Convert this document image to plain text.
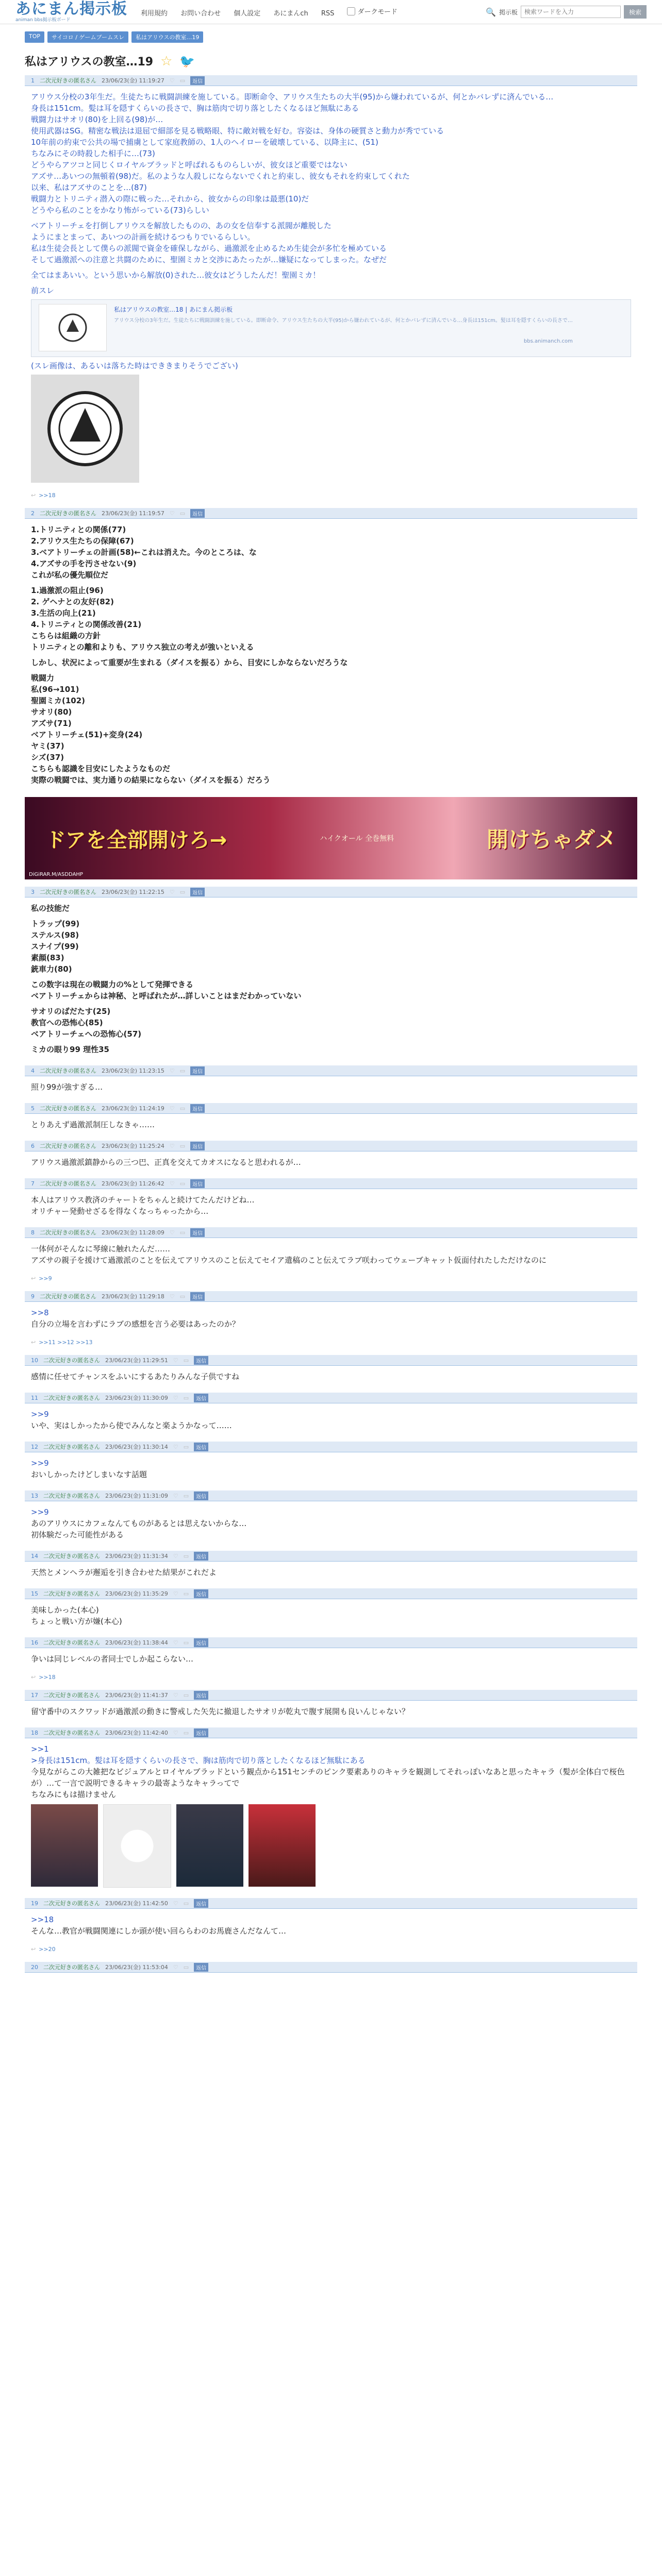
あにまん掲示板
animan bbs掲示板ボード
利用規約 お問い合わせ 個人設定 あにまんch RSS	ダークモード	🔍 掲示板
検索ワードを入力	検索
TOP	サイコロ / ゲームブームスレ	私はアリウスの教室…19
私はアリウスの教室…19 ☆ 🐦
1 二次元好きの匿名さん 23/06/23(金) 11:19:27 ♡ ▭	返信
アリウス分校の3年生だ。生徒たちに戦闘訓練を施している。即断命令、アリウス生たちの大半(95)から嫌われているが、何とかバレずに済んでいる…
身長は151cm。髪は耳を隠すくらいの長さで、胸は筋肉で切り落としたくなるほど無駄にある
戦闘力はサオリ(80)を上回る(98)が…
使用武器はSG。精密な戦法は退屈で細部を見る戦略眼、特に敵対戦を好む。容姿は、身体の硬質さと動力が秀でている
10年前の約束で公共の場で捕虜として家庭教師の、1人のヘイローを破壊している、以降主に、(51)
ちなみにその時殺した相手に…(73)
どうやらアツコと同じくロイヤルブラッドと呼ばれるものらしいが、彼女ほど重要ではない
アズサ…あいつの無頓着(98)だ。私のような人殺しにならないでくれと約束し、彼女もそれを約束してくれた
以来、私はアズサのことを…(87)
戦闘力とトリニティ潜入の際に戦った…それから、彼女からの印象は最悪(10)だ
どうやら私のことをかなり怖がっている(73)らしい
ベアトリーチェを打倒しアリウスを解放したものの、あの女を信奉する派閥が離脱した
ようにまとまって、あいつの計画を続けるつもりでいるらしい。
私は生徒会長として僕らの派閥で資金を確保しながら、過激派を止めるため生徒会が多忙を極めている
そして過激派への注意と共闘のために、聖園ミカと交渉にあたったが…嫌疑になってしまった。なぜだ
全てはまあいい。という思いから解放(0)された…彼女はどうしたんだ！聖園ミカ！
前スレ
私はアリウスの教室…18 | あにまん掲示板
アリウス分校の3年生だ。生徒たちに戦闘訓練を施している。即断命令、アリウス生たちの大半(95)から嫌われているが、何とかバレずに済んでいる…身長は151cm。髪は耳を隠すくらいの長さで…
bbs.animanch.com
(スレ画像は、あるいは落ちた時はでききまりそうでござい)
↩ >>18
2 二次元好きの匿名さん 23/06/23(金) 11:19:57 ♡ ▭	返信
1.トリニティとの関係(77)
2.アリウス生たちの保障(67)
3.ベアトリーチェの計画(58)←これは消えた。今のところは、な
4.アズサの手を汚させない(9)
これが私の優先順位だ
1.過激派の阻止(96)
2. ゲヘナとの友好(82)
3.生活の向上(21)
4.トリニティとの関係改善(21)
こちらは組織の方針
トリニティとの離和よりも、アリウス独立の考えが強いといえる
しかし、状況によって重要が生まれる（ダイスを振る）から、目安にしかならないだろうな
戦闘力
私(96→101)
聖園ミカ(102)
サオリ(80)
アズサ(71)
ベアトリーチェ(51)+変身(24)
ヤミ(37)
シズ(37)
こちらも認識を目安にしたようなものだ
実際の戦闘では、実力通りの結果にならない（ダイスを振る）だろう
ドアを全部開けろ→	ハイクオール 全巻無料	開けちゃダメ
DiGiRAR.M/ASDDAHP
3 二次元好きの匿名さん 23/06/23(金) 11:22:15 ♡ ▭	返信
私の技能だ
トラップ(99)
ステルス(98)
スナイプ(99)
素顔(83)
銃車力(80)
この数字は現在の戦闘力の%として発揮できる
ベアトリーチェからは神秘、と呼ばれたが…詳しいことはまだわかっていない
サオリのばだたす(25)
教官への恐怖心(85)
ベアトリーチェへの恐怖心(57)
ミカの眼り99 理性35
4 二次元好きの匿名さん 23/06/23(金) 11:23:15 ♡ ▭	返信
照り99が強すぎる…
5 二次元好きの匿名さん 23/06/23(金) 11:24:19 ♡ ▭	返信
とりあえず過激派制圧しなきゃ……
6 二次元好きの匿名さん 23/06/23(金) 11:25:24 ♡ ▭	返信
アリウス過激派鎮静からの三つ巴、正真を交えてカオスになると思われるが…
7 二次元好きの匿名さん 23/06/23(金) 11:26:42 ♡ ▭	返信
本人はアリウス教済のチャートをちゃんと続けてたんだけどね…
オリチャー発動せざるを得なくなっちゃったから…
8 二次元好きの匿名さん 23/06/23(金) 11:28:09 ♡ ▭	返信
一体何がそんなに琴線に触れたんだ……
アズサの親子を援けて過激派のことを伝えてアリウスのこと伝えてセイア遺稿のこと伝えてラブ咲わってウェーブキャット仮面付れたしただけなのに
↩ >>9
9 二次元好きの匿名さん 23/06/23(金) 11:29:18 ♡ ▭	返信
>>8
自分の立場を言わずにラブの感想を言う必要はあったのか？
↩ >>11 >>12 >>13
10 二次元好きの匿名さん 23/06/23(金) 11:29:51 ♡ ▭	返信
感情に任せてチャンスをふいにするあたりみんな子供ですね
11 二次元好きの匿名さん 23/06/23(金) 11:30:09 ♡ ▭	返信
>>9
いや、実はしかったから使でみんなと楽ようかなって……
12 二次元好きの匿名さん 23/06/23(金) 11:30:14 ♡ ▭	返信
>>9
おいしかったけどしまいなす話題
13 二次元好きの匿名さん 23/06/23(金) 11:31:09 ♡ ▭	返信
>>9
あのアリウスにカフェなんてものがあるとは思えないからな…
初体験だった可能性がある
14 二次元好きの匿名さん 23/06/23(金) 11:31:34 ♡ ▭	返信
天然とメンヘラが邂逅を引き合わせた結果がこれだよ
15 二次元好きの匿名さん 23/06/23(金) 11:35:29 ♡ ▭	返信
美味しかった(本心)
ちょっと戦い方が嫌(本心)
16 二次元好きの匿名さん 23/06/23(金) 11:38:44 ♡ ▭	返信
争いは同じレベルの者同士でしか起こらない…
↩ >>18
17 二次元好きの匿名さん 23/06/23(金) 11:41:37 ♡ ▭	返信
留守番中のスクワッドが過激派の動きに警戒した矢先に撤退したサオリが乾丸で腹す展開も良いんじゃない？
18 二次元好きの匿名さん 23/06/23(金) 11:42:40 ♡ ▭	返信
>>1
>身長は151cm。髪は耳を隠すくらいの長さで、胸は筋肉で切り落としたくなるほど無駄にある
今見ながらこの大雑把なビジュアルとロイヤルブラッドという観点から151センチのピンク要素ありのキャラを観測してそれっぽいなあと思ったキャラ（髪が全体白で桜色が）…て一言で説明できるキャラの最寄ようなキャラってで
ちなみにもは描けません
19 二次元好きの匿名さん 23/06/23(金) 11:42:50 ♡ ▭	返信
>>18
そんな…教官が戦闘関連にしか頭が使い回ららわのお馬鹿さんだなんて…
↩ >>20
20 二次元好きの匿名さん 23/06/23(金) 11:53:04 ♡ ▭	返信
